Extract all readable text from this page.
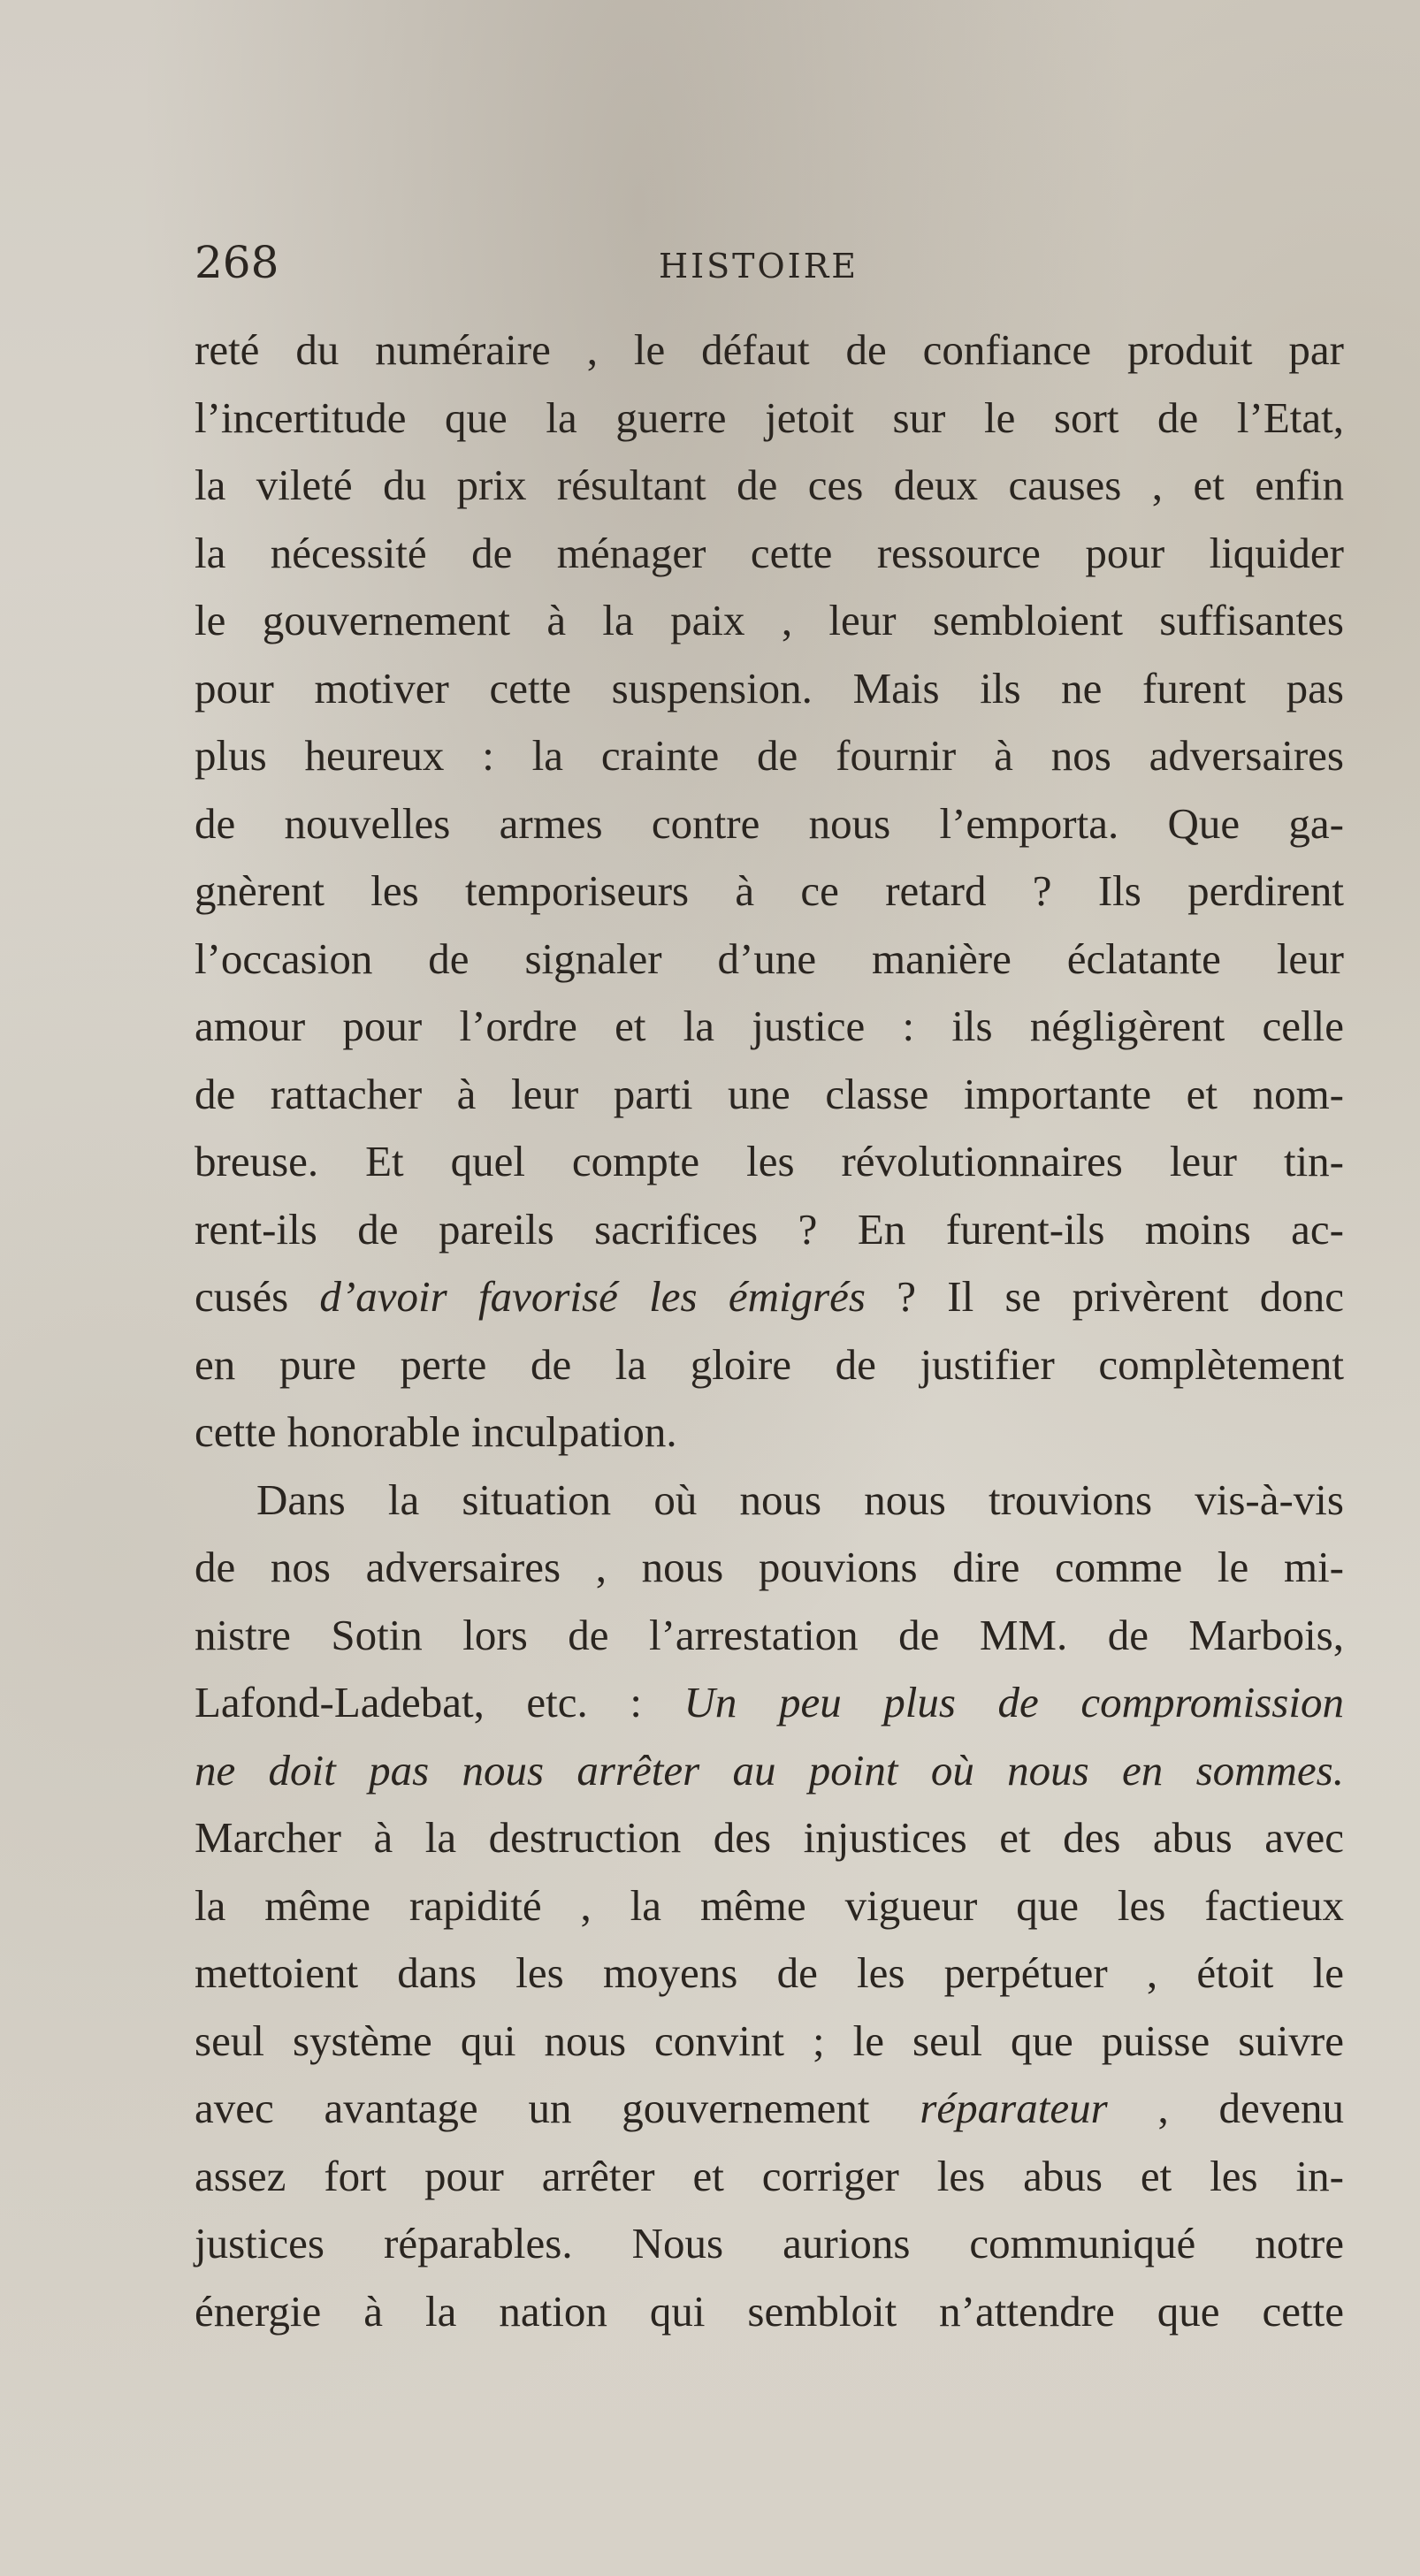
268	HISTOIRE
reté du numéraire , le défaut de confiance produit par
l’incertitude que la guerre jetoit sur le sort de l’Etat,
la vileté du prix résultant de ces deux causes , et enfin
la nécessité de ménager cette ressource pour liquider
le gouvernement à la paix , leur sembloient suffisantes
pour motiver cette suspension. Mais ils ne furent pas
plus heureux : la crainte de fournir à nos adversaires
de nouvelles armes contre nous l’emporta. Que ga-
gnèrent les temporiseurs à ce retard ? Ils perdirent
l’occasion de signaler d’une manière éclatante leur
amour pour l’ordre et la justice : ils négligèrent celle
de rattacher à leur parti une classe importante et nom-
breuse. Et quel compte les révolutionnaires leur tin-
rent-ils de pareils sacrifices ? En furent-ils moins ac-
cusés d’avoir favorisé les émigrés ? Il se privèrent donc
en pure perte de la gloire de justifier complètement
cette honorable inculpation.
Dans la situation où nous nous trouvions vis-à-vis
de nos adversaires , nous pouvions dire comme le mi-
nistre Sotin lors de l’arrestation de MM. de Marbois,
Lafond-Ladebat, etc. : Un peu plus de compromission
ne doit pas nous arrêter au point où nous en sommes.
Marcher à la destruction des injustices et des abus avec
la même rapidité , la même vigueur que les factieux
mettoient dans les moyens de les perpétuer , étoit le
seul système qui nous convint ; le seul que puisse suivre
avec avantage un gouvernement réparateur , devenu
assez fort pour arrêter et corriger les abus et les in-
justices réparables. Nous aurions communiqué notre
énergie à la nation qui sembloit n’attendre que cette
